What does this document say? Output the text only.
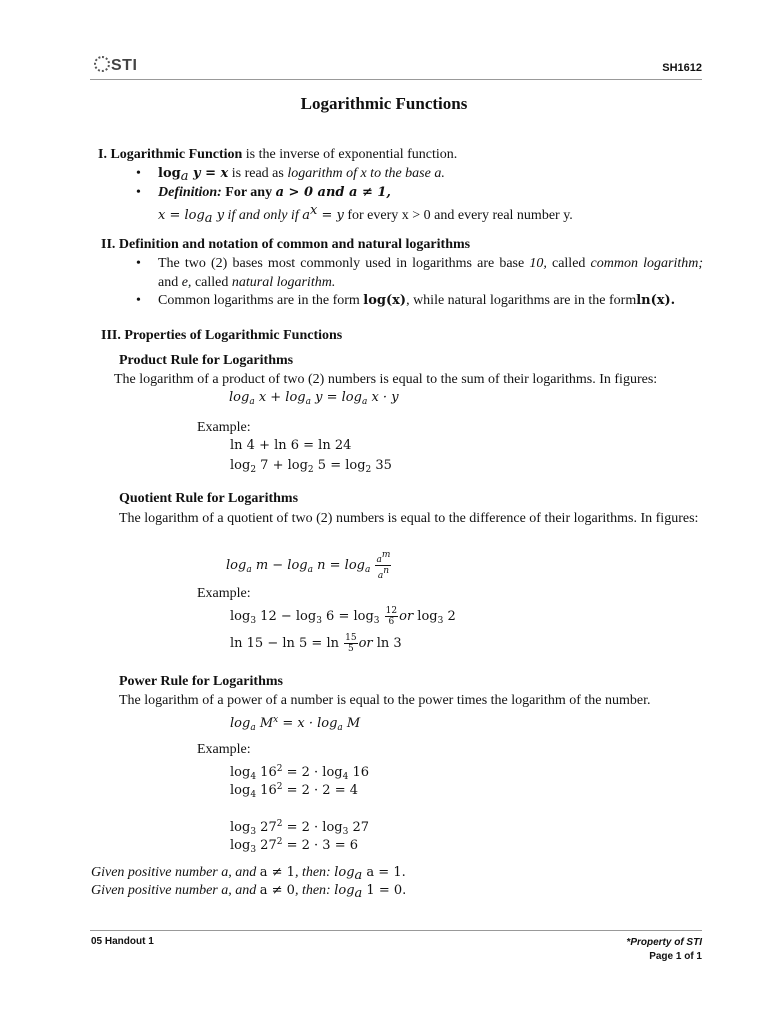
STI	SH1612
Logarithmic Functions
I. Logarithmic Function is the inverse of exponential function.
• $\log_a y = x$ is read as logarithm of x to the base a.
• Definition: For any a > 0 and a ≠ 1,
$x = \log_a y$ if and only if $a^x = y$ for every x > 0 and every real number y.
II. Definition and notation of common and natural logarithms
• The two (2) bases most commonly used in logarithms are base 10, called common logarithm; and e, called natural logarithm.
• Common logarithms are in the form log(x), while natural logarithms are in the formln(x).
III. Properties of Logarithmic Functions
Product Rule for Logarithms
The logarithm of a product of two (2) numbers is equal to the sum of their logarithms. In figures:
$\log_a x + \log_a y = \log_a x \cdot y$
Example:
ln 4 + ln 6 = ln 24
$\log_2 7 + \log_2 5 = \log_2 35$
Quotient Rule for Logarithms
The logarithm of a quotient of two (2) numbers is equal to the difference of their logarithms. In figures:
$\log_a m - \log_a n = \log_a \frac{a^m}{a^n}$
Example:
$\log_3 12 - \log_3 6 = \log_3 \frac{12}{6}$ or $\log_3 2$
$\ln 15 - \ln 5 = \ln \frac{15}{5}$ or ln 3
Power Rule for Logarithms
The logarithm of a power of a number is equal to the power times the logarithm of the number.
$\log_a M^x = x \cdot \log_a M$
Example:
$\log_4 16^2 = 2 \cdot \log_4 16$
$\log_4 16^2 = 2 \cdot 2 = 4$
$\log_3 27^2 = 2 \cdot \log_3 27$
$\log_3 27^2 = 2 \cdot 3 = 6$
Given positive number a, and a ≠ 1, then: $\log_a a = 1$.
Given positive number a, and a ≠ 0, then: $\log_a 1 = 0$.
05 Handout 1	*Property of STI
Page 1 of 1
